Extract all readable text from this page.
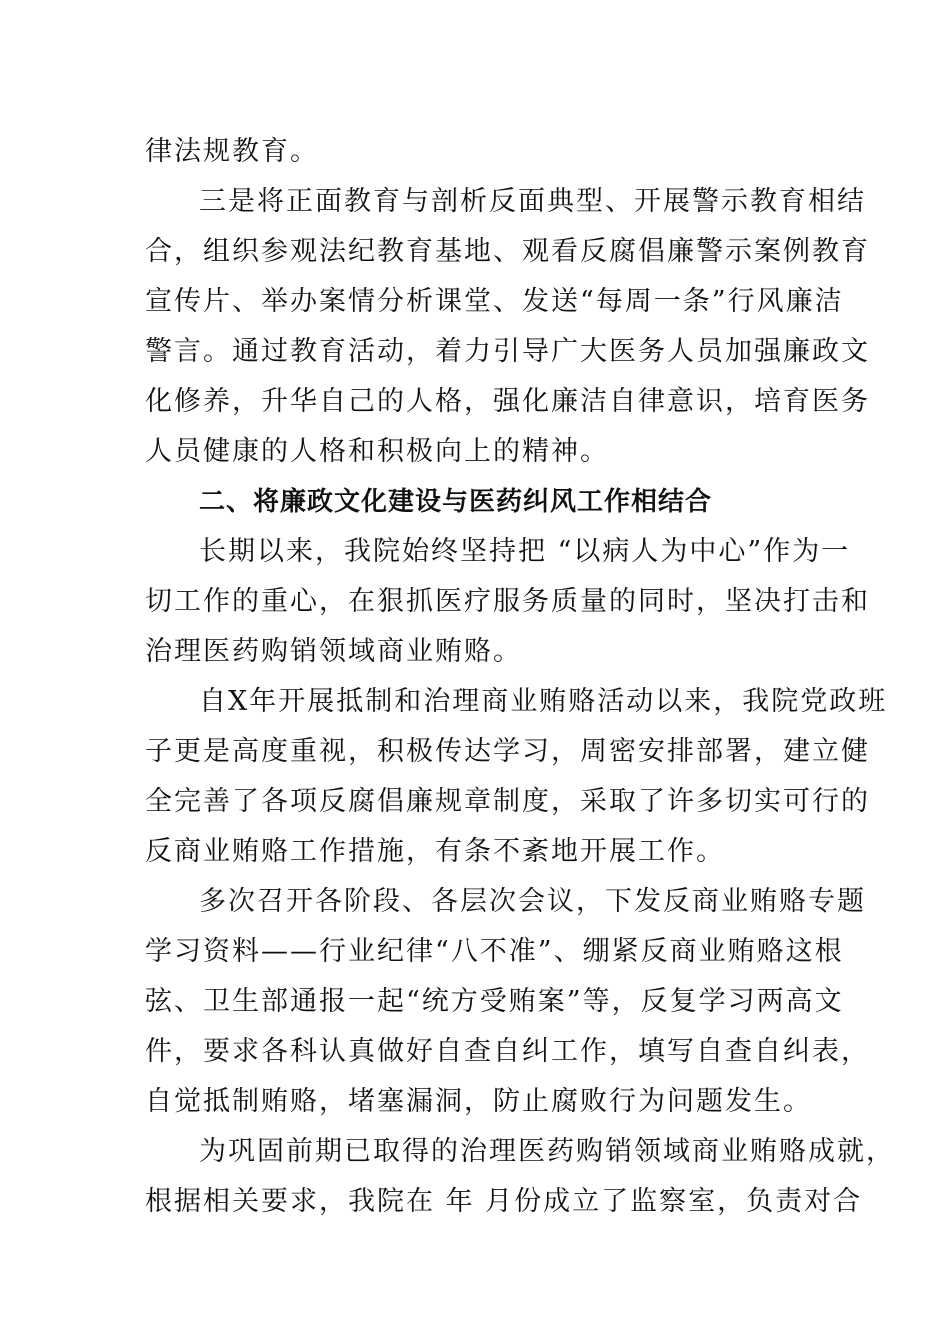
律法规教育。
三是将正面教育与剖析反面典型、开展警示教育相结
合，组织参观法纪教育基地、观看反腐倡廉警示案例教育
宣传片、举办案情分析课堂、发送“每周一条”行风廉洁
警言。通过教育活动，着力引导广大医务人员加强廉政文
化修养，升华自己的人格，强化廉洁自律意识，培育医务
人员健康的人格和积极向上的精神。
二、将廉政文化建设与医药纠风工作相结合
长期以来，我院始终坚持把 “以病人为中心”作为一
切工作的重心，在狠抓医疗服务质量的同时，坚决打击和
治理医药购销领域商业贿赂。
自X年开展抵制和治理商业贿赂活动以来，我院党政班
子更是高度重视，积极传达学习，周密安排部署，建立健
全完善了各项反腐倡廉规章制度，采取了许多切实可行的
反商业贿赂工作措施，有条不紊地开展工作。
多次召开各阶段、各层次会议，下发反商业贿赂专题
学习资料——行业纪律“八不准”、绷紧反商业贿赂这根
弦、卫生部通报一起“统方受贿案”等，反复学习两高文
件，要求各科认真做好自查自纠工作，填写自查自纠表，
自觉抵制贿赂，堵塞漏洞，防止腐败行为问题发生。
为巩固前期已取得的治理医药购销领域商业贿赂成就，
根据相关要求，我院在 年 月份成立了监察室，负责对合
